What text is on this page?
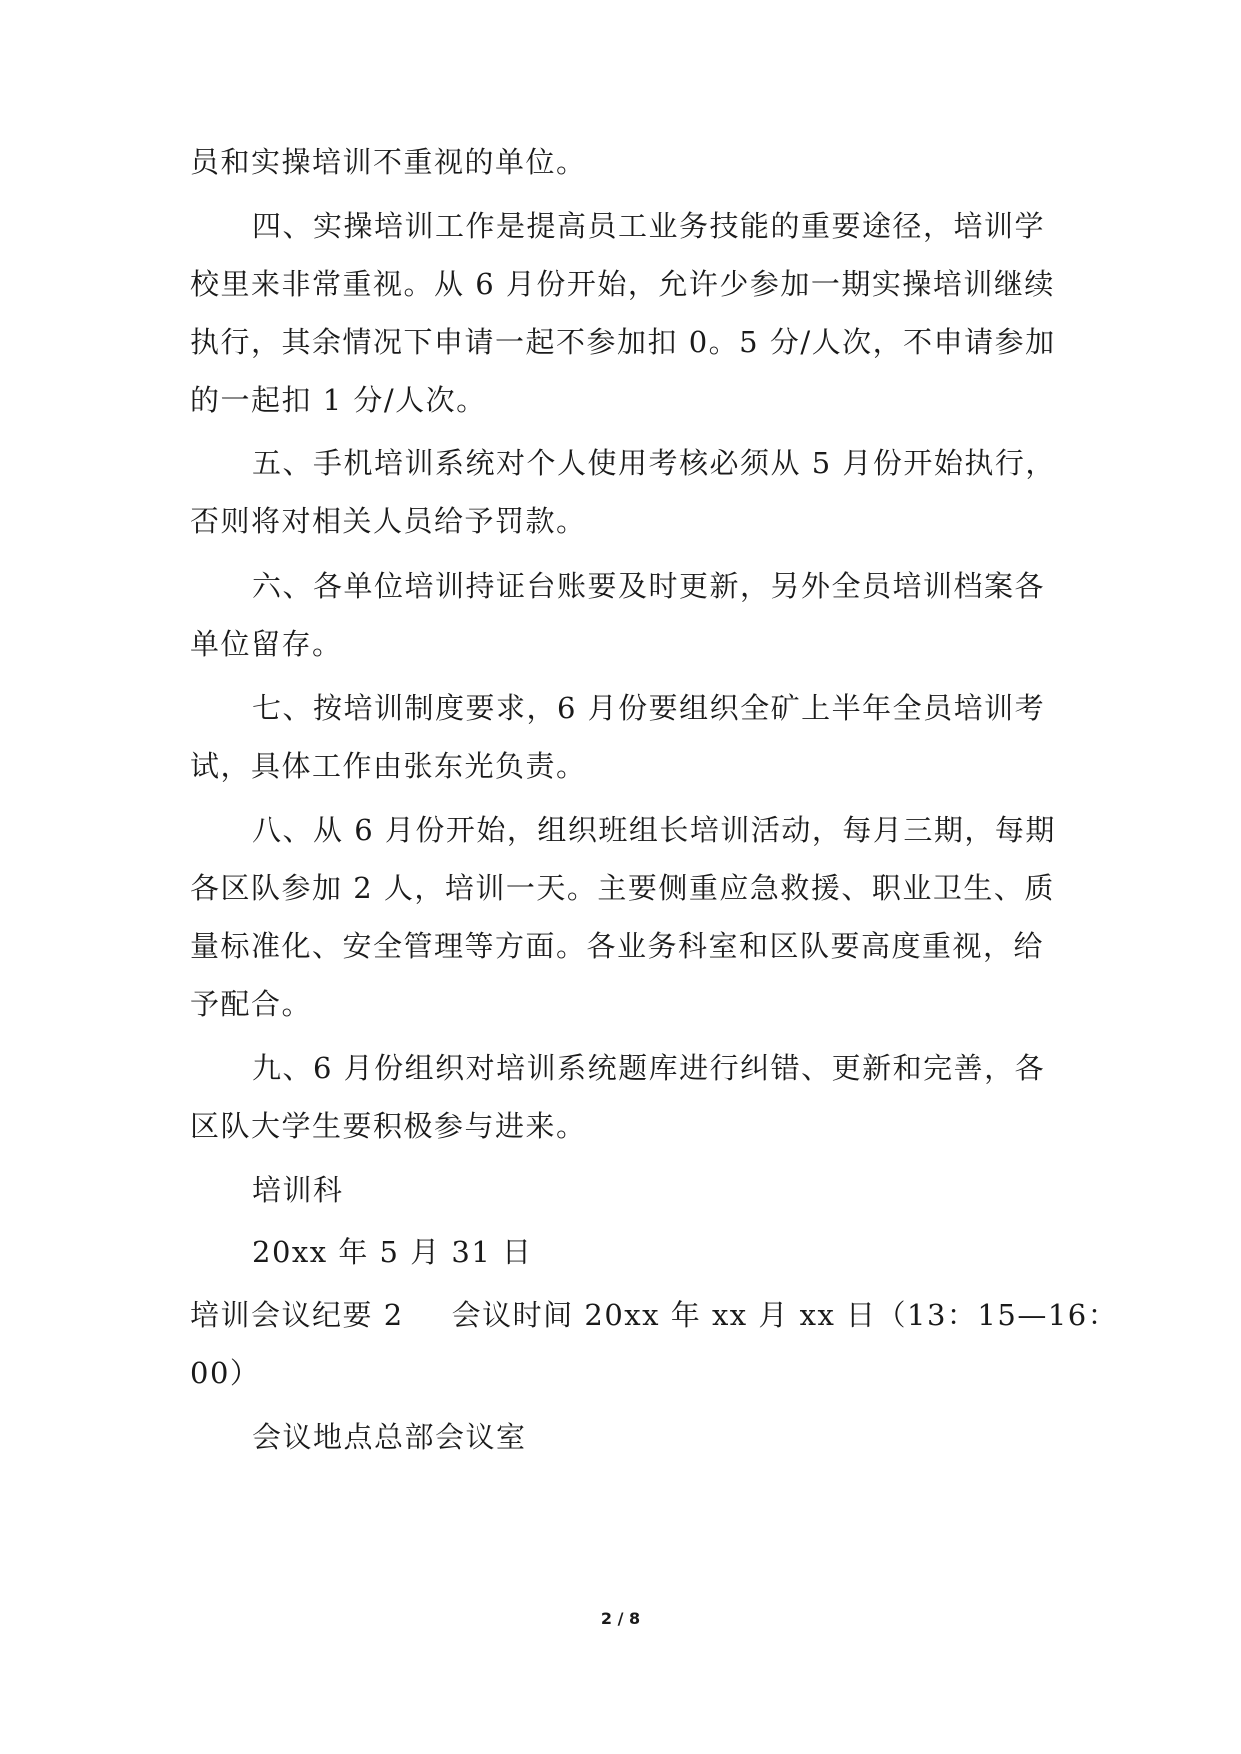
员和实操培训不重视的单位。
四、实操培训工作是提高员工业务技能的重要途径，培训学
校里来非常重视。从 6 月份开始，允许少参加一期实操培训继续
执行，其余情况下申请一起不参加扣 0。5 分/人次，不申请参加
的一起扣 1 分/人次。
五、手机培训系统对个人使用考核必须从 5 月份开始执行，
否则将对相关人员给予罚款。
六、各单位培训持证台账要及时更新，另外全员培训档案各
单位留存。
七、按培训制度要求，6 月份要组织全矿上半年全员培训考
试，具体工作由张东光负责。
八、从 6 月份开始，组织班组长培训活动，每月三期，每期
各区队参加 2 人，培训一天。主要侧重应急救援、职业卫生、质
量标准化、安全管理等方面。各业务科室和区队要高度重视，给
予配合。
九、6 月份组织对培训系统题库进行纠错、更新和完善，各
区队大学生要积极参与进来。
培训科
20xx 年 5 月 31 日
培训会议纪要 2 会议时间 20xx 年 xx 月 xx 日（13：15—16：
00）
会议地点总部会议室
2 / 8
